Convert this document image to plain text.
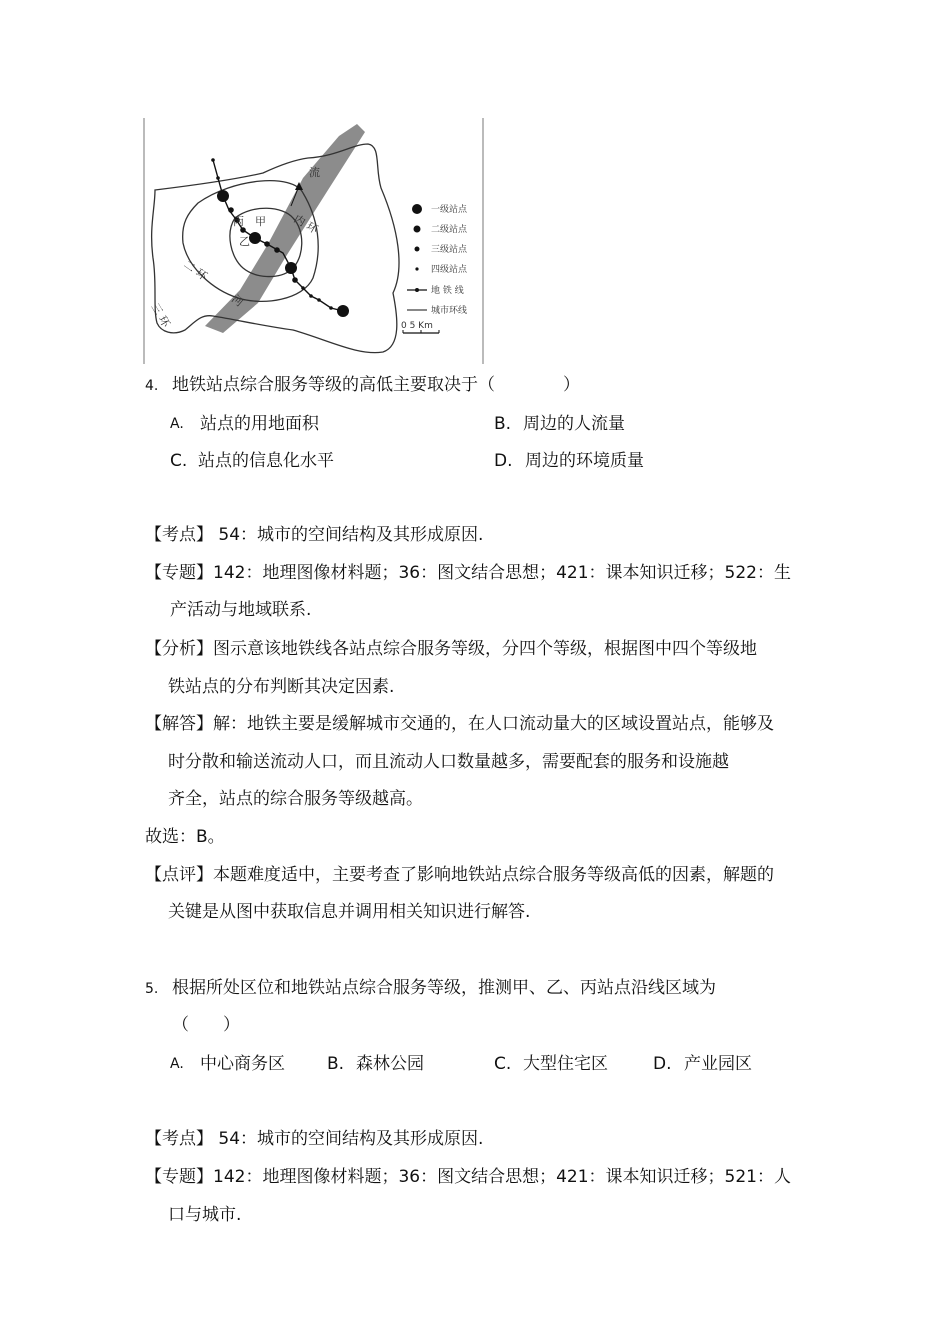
流
丙 甲
乙
内 环
二 环
三 环
河
一级站点
二级站点
三级站点
四级站点
地 铁 线
城市环线
0 5 Km
4. 地铁站点综合服务等级的高低主要取决于（　　　　）
A. 站点的用地面积	B. 周边的人流量
C. 站点的信息化水平	D. 周边的环境质量
【考点】 54：城市的空间结构及其形成原因.
【专题】142：地理图像材料题；36：图文结合思想；421：课本知识迁移；522：生
产活动与地域联系.
【分析】图示意该地铁线各站点综合服务等级，分四个等级，根据图中四个等级地
铁站点的分布判断其决定因素.
【解答】解：地铁主要是缓解城市交通的，在人口流动量大的区域设置站点，能够及
时分散和输送流动人口，而且流动人口数量越多，需要配套的服务和设施越
齐全，站点的综合服务等级越高。
故选：B。
【点评】本题难度适中，主要考查了影响地铁站点综合服务等级高低的因素，解题的
关键是从图中获取信息并调用相关知识进行解答.
5. 根据所处区位和地铁站点综合服务等级，推测甲、乙、丙站点沿线区域为
（　　）
A. 中心商务区 B. 森林公园	C. 大型住宅区	D. 产业园区
【考点】 54：城市的空间结构及其形成原因.
【专题】142：地理图像材料题；36：图文结合思想；421：课本知识迁移；521：人
口与城市.
